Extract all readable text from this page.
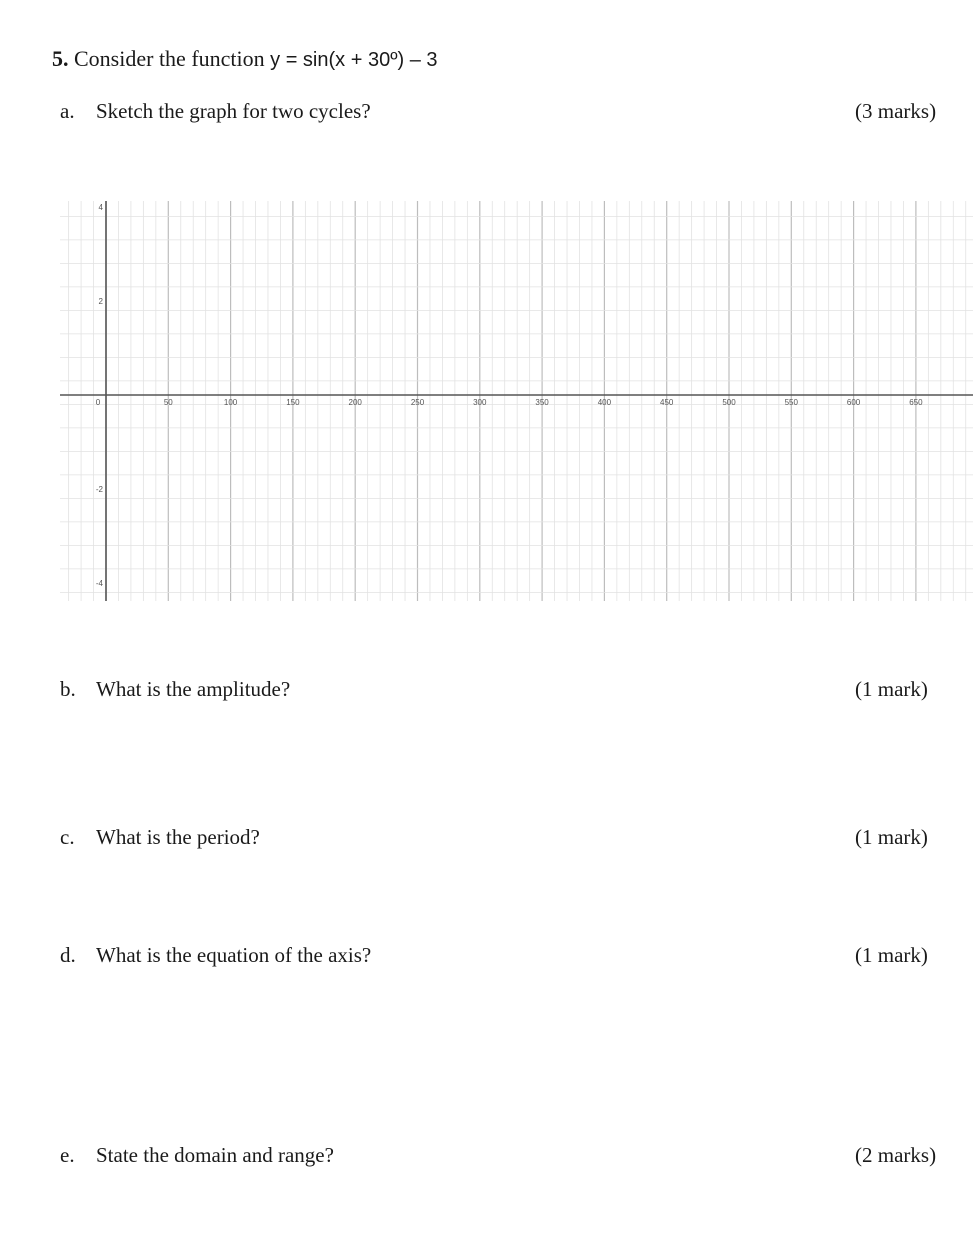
5. Consider the function y = sin(x + 30º) – 3
a. Sketch the graph for two cycles?	(3 marks)
0	50	100	150	200	250	300	350	400	450	500	550	600	650
4
2
-2
-4
b. What is the amplitude?	(1 mark)
c. What is the period?	(1 mark)
d. What is the equation of the axis?	(1 mark)
e. State the domain and range?	(2 marks)
